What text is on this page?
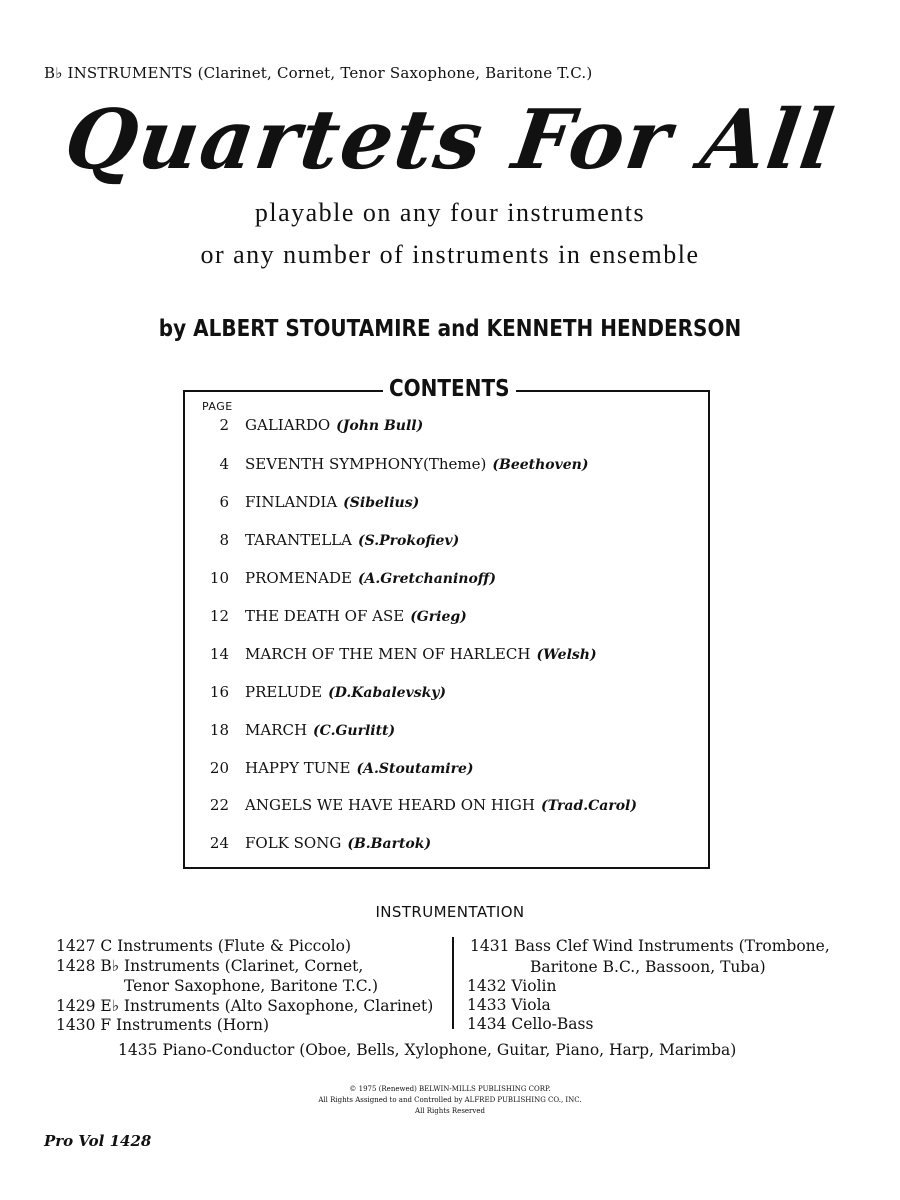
B♭ INSTRUMENTS (Clarinet, Cornet, Tenor Saxophone, Baritone T.C.)
Quartets For All
playable on any four instruments
or any number of instruments in ensemble
by ALBERT STOUTAMIRE and KENNETH HENDERSON
CONTENTS
PAGE
2 GALIARDO (John Bull)
4 SEVENTH SYMPHONY(Theme) (Beethoven)
6 FINLANDIA (Sibelius)
8 TARANTELLA (S.Prokofiev)
10 PROMENADE (A.Gretchaninoff)
12 THE DEATH OF ASE (Grieg)
14 MARCH OF THE MEN OF HARLECH (Welsh)
16 PRELUDE (D.Kabalevsky)
18 MARCH (C.Gurlitt)
20 HAPPY TUNE (A.Stoutamire)
22 ANGELS WE HAVE HEARD ON HIGH (Trad.Carol)
24 FOLK SONG (B.Bartok)
INSTRUMENTATION
1427 C Instruments (Flute & Piccolo)
1428 B♭ Instruments (Clarinet, Cornet,
Tenor Saxophone, Baritone T.C.)
1429 E♭ Instruments (Alto Saxophone, Clarinet)
1430 F Instruments (Horn)
1431 Bass Clef Wind Instruments (Trombone,
Baritone B.C., Bassoon, Tuba)
1432 Violin
1433 Viola
1434 Cello-Bass
1435 Piano-Conductor (Oboe, Bells, Xylophone, Guitar, Piano, Harp, Marimba)
© 1975 (Renewed) BELWIN-MILLS PUBLISHING CORP.
All Rights Assigned to and Controlled by ALFRED PUBLISHING CO., INC.
All Rights Reserved
Pro Vol 1428
